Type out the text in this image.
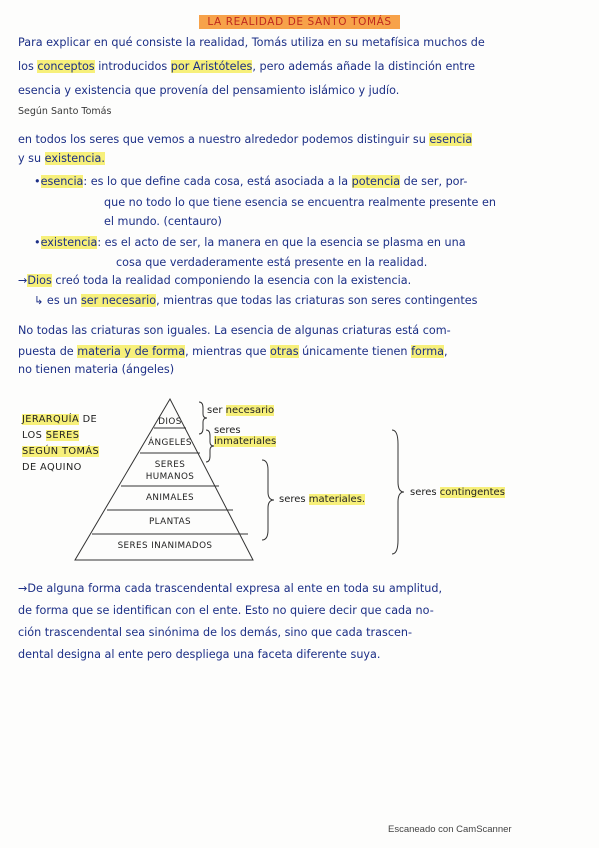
LA REALIDAD DE SANTO TOMÁS
Para explicar en qué consiste la realidad, Tomás utiliza en su metafísica muchos de
los conceptos introducidos por Aristóteles, pero además añade la distinción entre
esencia y existencia que provenía del pensamiento islámico y judío.
Según Santo Tomás
en todos los seres que vemos a nuestro alrededor podemos distinguir su esencia
y su existencia.
•esencia: es lo que define cada cosa, está asociada a la potencia de ser, por-
que no todo lo que tiene esencia se encuentra realmente presente en
el mundo. (centauro)
•existencia: es el acto de ser, la manera en que la esencia se plasma en una
cosa que verdaderamente está presente en la realidad.
→Dios creó toda la realidad componiendo la esencia con la existencia.
↳ es un ser necesario, mientras que todas las criaturas son seres contingentes
No todas las criaturas son iguales. La esencia de algunas criaturas está com-
puesta de materia y de forma, mientras que otras únicamente tienen forma,
no tienen materia (ángeles)
JERARQUÍA DE
LOS SERES
SEGÚN TOMÁS
DE AQUINO
DIOS
ÁNGELES
SERES HUMANOS
ANIMALES
PLANTAS
SERES INANIMADOS
ser necesario
seres
inmateriales
seres materiales.
seres contingentes
→De alguna forma cada trascendental expresa al ente en toda su amplitud,
de forma que se identifican con el ente. Esto no quiere decir que cada no-
ción trascendental sea sinónima de los demás, sino que cada trascen-
dental designa al ente pero despliega una faceta diferente suya.
Escaneado con CamScanner
